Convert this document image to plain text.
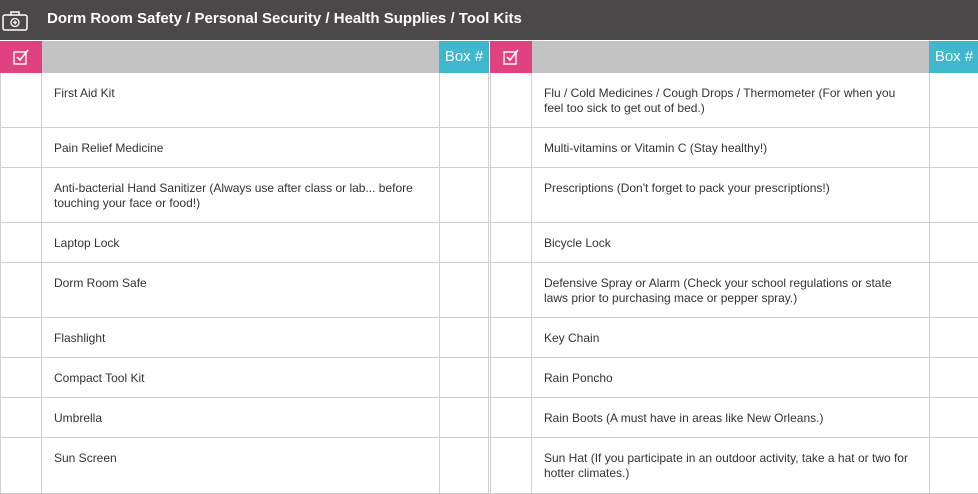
Dorm Room Safety / Personal Security / Health Supplies / Tool Kits
Box #
First Aid Kit
Pain Relief Medicine
Anti-bacterial Hand Sanitizer (Always use after class or lab... before touching your face or food!)
Laptop Lock
Dorm Room Safe
Flashlight
Compact Tool Kit
Umbrella
Sun Screen
Box #
Flu / Cold Medicines / Cough Drops / Thermometer (For when you feel too sick to get out of bed.)
Multi-vitamins or Vitamin C (Stay healthy!)
Prescriptions (Don't forget to pack your prescriptions!)
Bicycle Lock
Defensive Spray or Alarm (Check your school regulations or state laws prior to purchasing mace or pepper spray.)
Key Chain
Rain Poncho
Rain Boots (A must have in areas like New Orleans.)
Sun Hat (If you participate in an outdoor activity, take a hat or two for hotter climates.)
